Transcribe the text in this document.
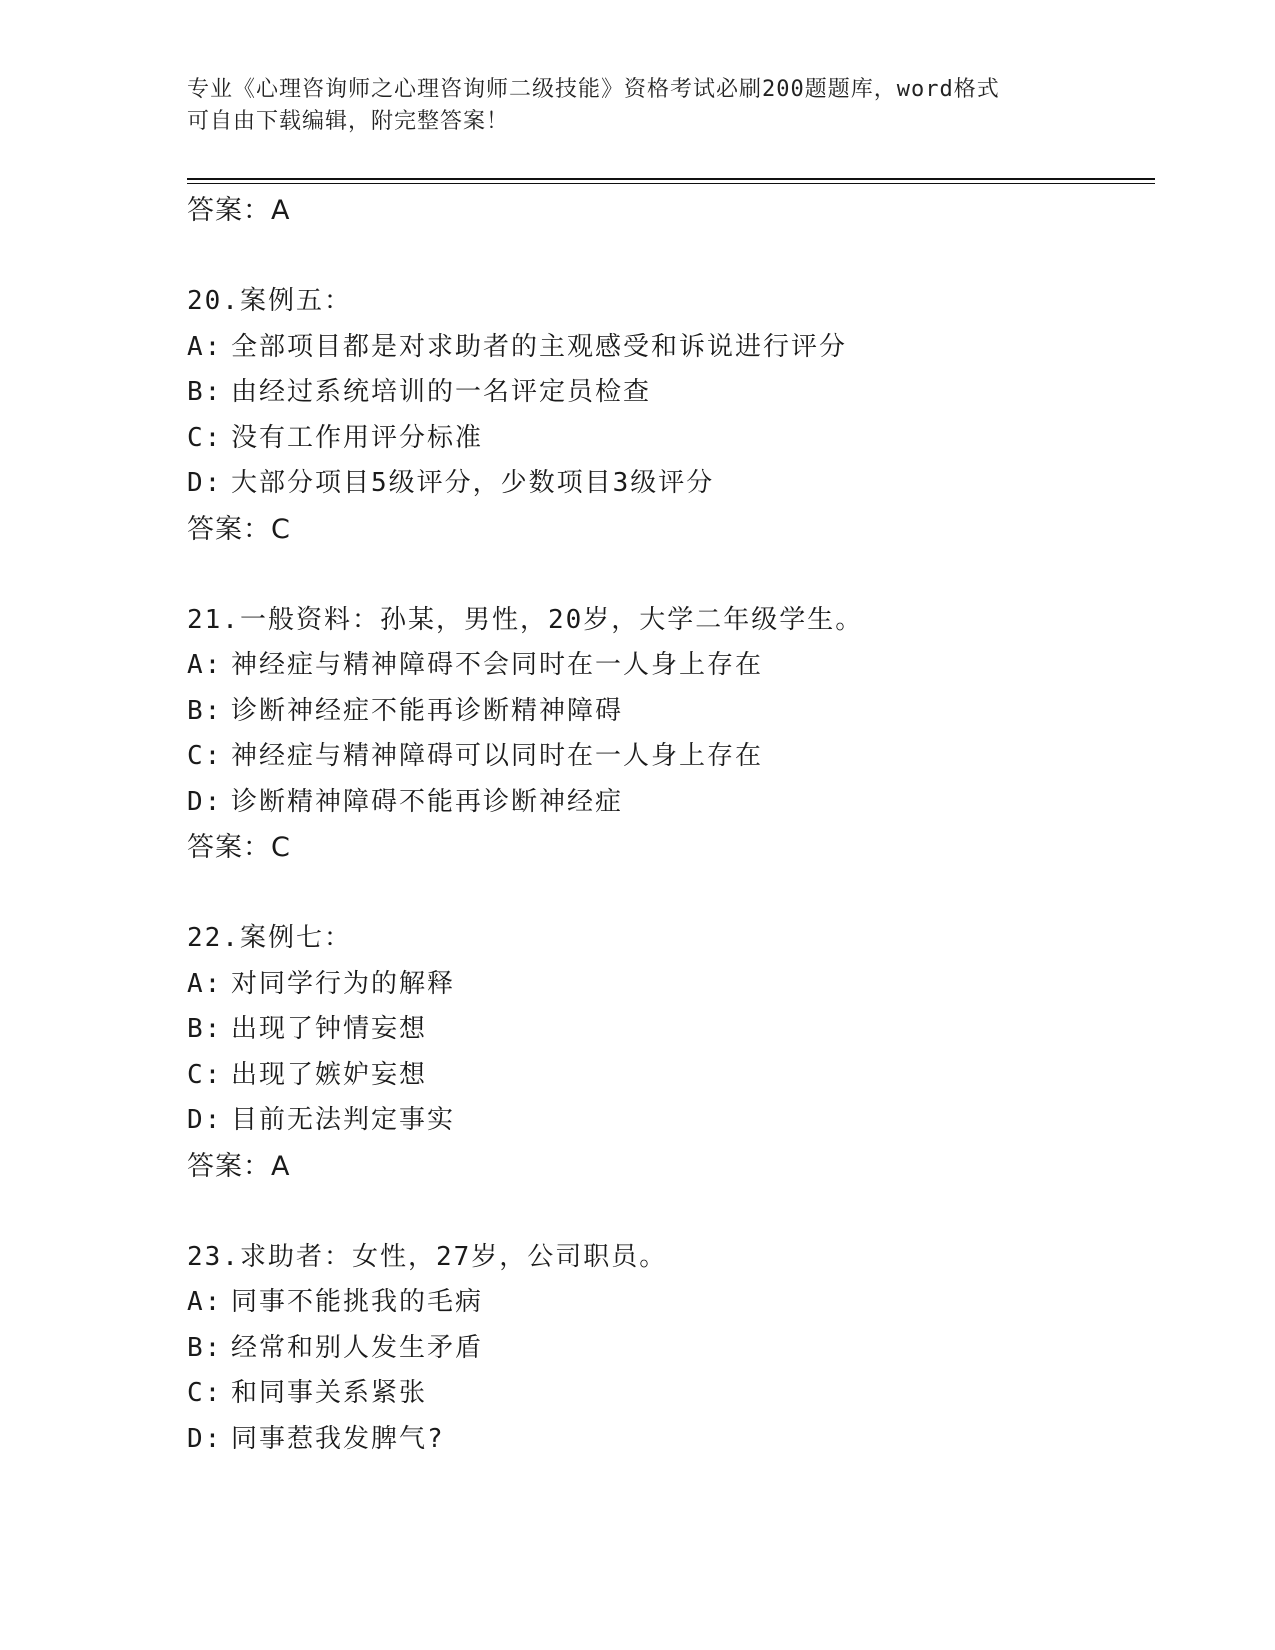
专业《心理咨询师之心理咨询师二级技能》资格考试必刷200题题库，word格式
可自由下载编辑，附完整答案！
答案：A
20.案例五：
A: 全部项目都是对求助者的主观感受和诉说进行评分
B: 由经过系统培训的一名评定员检查
C: 没有工作用评分标准
D: 大部分项目5级评分，少数项目3级评分
答案：C
21.一般资料：孙某，男性，20岁，大学二年级学生。
A: 神经症与精神障碍不会同时在一人身上存在
B: 诊断神经症不能再诊断精神障碍
C: 神经症与精神障碍可以同时在一人身上存在
D: 诊断精神障碍不能再诊断神经症
答案：C
22.案例七：
A: 对同学行为的解释
B: 出现了钟情妄想
C: 出现了嫉妒妄想
D: 目前无法判定事实
答案：A
23.求助者：女性，27岁，公司职员。
A: 同事不能挑我的毛病
B: 经常和别人发生矛盾
C: 和同事关系紧张
D: 同事惹我发脾气?
